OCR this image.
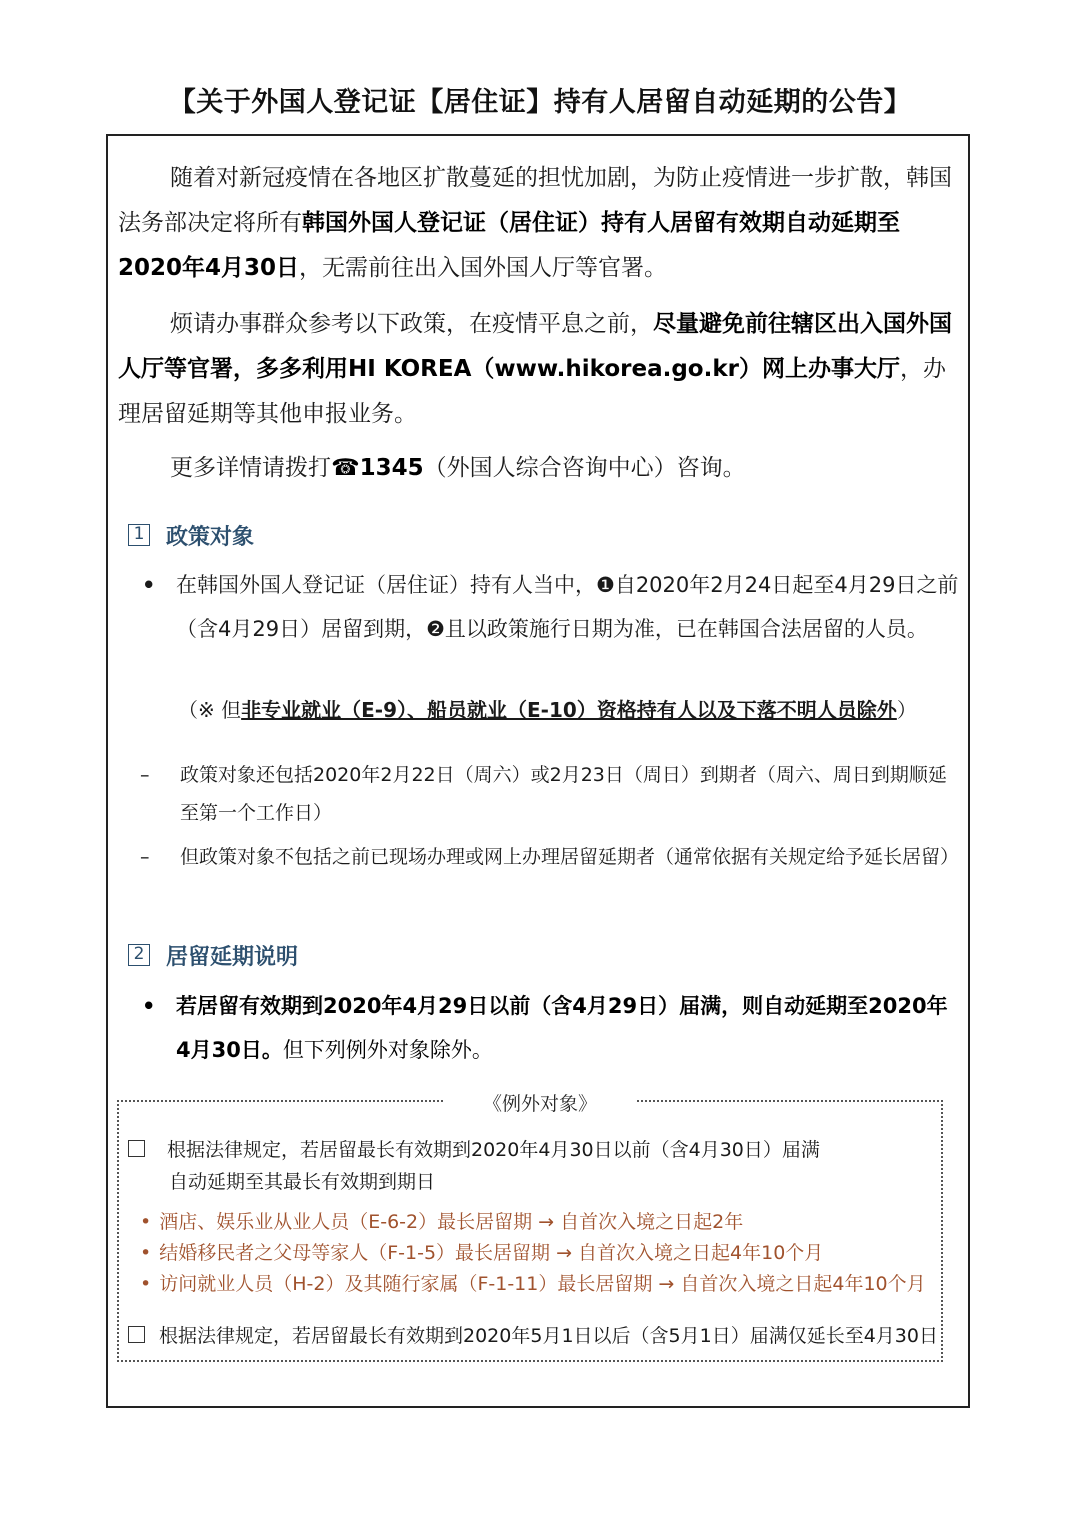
【关于外国人登记证【居住证】持有人居留自动延期的公告】
随着对新冠疫情在各地区扩散蔓延的担忧加剧，为防止疫情进一步扩散，韩国法务部决定将所有韩国外国人登记证（居住证）持有人居留有效期自动延期至2020年4月30日，无需前往出入国外国人厅等官署。
烦请办事群众参考以下政策，在疫情平息之前，尽量避免前往辖区出入国外国人厅等官署，多多利用HI KOREA（www.hikorea.go.kr）网上办事大厅，办理居留延期等其他申报业务。
更多详情请拨打☎1345（外国人综合咨询中心）咨询。
1 政策对象
• 在韩国外国人登记证（居住证）持有人当中，❶自2020年2月24日起至4月29日之前（含4月29日）居留到期，❷且以政策施行日期为准，已在韩国合法居留的人员。
（※ 但非专业就业（E-9）、船员就业（E-10）资格持有人以及下落不明人员除外）
– 政策对象还包括2020年2月22日（周六）或2月23日（周日）到期者（周六、周日到期顺延至第一个工作日）
– 但政策对象不包括之前已现场办理或网上办理居留延期者（通常依据有关规定给予延长居留）
2 居留延期说明
• 若居留有效期到2020年4月29日以前（含4月29日）届满，则自动延期至2020年4月30日。但下列例外对象除外。
《例外对象》
根据法律规定，若居留最长有效期到2020年4月30日以前（含4月30日）届满
自动延期至其最长有效期到期日
• 酒店、娱乐业从业人员（E-6-2）最长居留期 → 自首次入境之日起2年
• 结婚移民者之父母等家人（F-1-5）最长居留期 → 自首次入境之日起4年10个月
• 访问就业人员（H-2）及其随行家属（F-1-11）最长居留期 → 自首次入境之日起4年10个月
根据法律规定，若居留最长有效期到2020年5月1日以后（含5月1日）届满仅延长至4月30日
